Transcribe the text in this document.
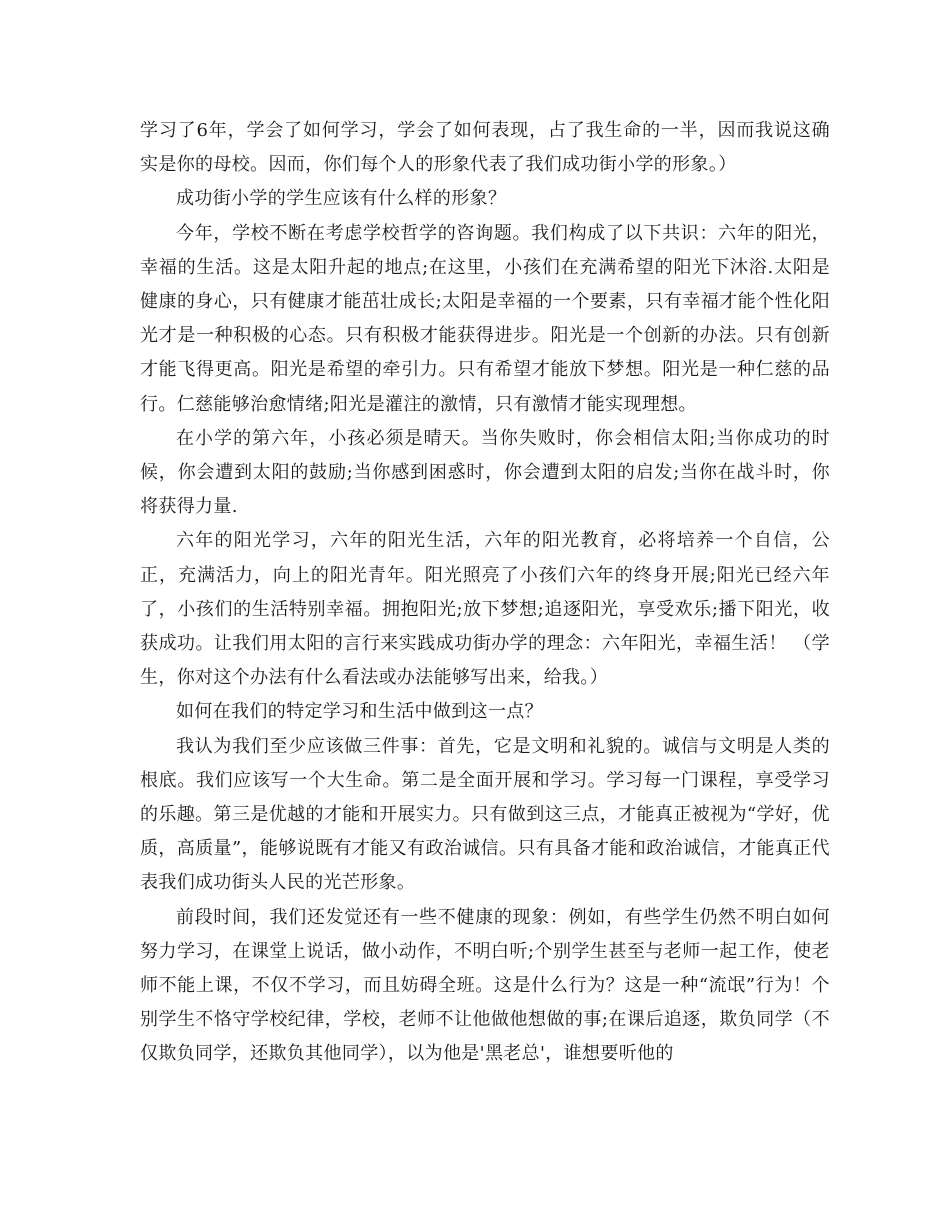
学习了6年，学会了如何学习，学会了如何表现，占了我生命的一半，因而我说这确实是你的母校。因而，你们每个人的形象代表了我们成功街小学的形象。）

成功街小学的学生应该有什么样的形象？

今年，学校不断在考虑学校哲学的咨询题。我们构成了以下共识：六年的阳光，幸福的生活。这是太阳升起的地点;在这里，小孩们在充满希望的阳光下沐浴.太阳是健康的身心，只有健康才能茁壮成长;太阳是幸福的一个要素，只有幸福才能个性化阳光才是一种积极的心态。只有积极才能获得进步。阳光是一个创新的办法。只有创新才能飞得更高。阳光是希望的牵引力。只有希望才能放下梦想。阳光是一种仁慈的品行。仁慈能够治愈情绪;阳光是灌注的激情，只有激情才能实现理想。

在小学的第六年，小孩必须是晴天。当你失败时，你会相信太阳;当你成功的时候，你会遭到太阳的鼓励;当你感到困惑时，你会遭到太阳的启发;当你在战斗时，你将获得力量.

六年的阳光学习，六年的阳光生活，六年的阳光教育，必将培养一个自信，公正，充满活力，向上的阳光青年。阳光照亮了小孩们六年的终身开展;阳光已经六年了，小孩们的生活特别幸福。拥抱阳光;放下梦想;追逐阳光，享受欢乐;播下阳光，收获成功。让我们用太阳的言行来实践成功街办学的理念：六年阳光，幸福生活！ （学生，你对这个办法有什么看法或办法能够写出来，给我。）

如何在我们的特定学习和生活中做到这一点？

我认为我们至少应该做三件事：首先，它是文明和礼貌的。诚信与文明是人类的根底。我们应该写一个大生命。第二是全面开展和学习。学习每一门课程，享受学习的乐趣。第三是优越的才能和开展实力。只有做到这三点，才能真正被视为“学好，优质，高质量”，能够说既有才能又有政治诚信。只有具备才能和政治诚信，才能真正代表我们成功街头人民的光芒形象。

前段时间，我们还发觉还有一些不健康的现象：例如，有些学生仍然不明白如何努力学习，在课堂上说话，做小动作，不明白听;个别学生甚至与老师一起工作，使老师不能上课，不仅不学习，而且妨碍全班。这是什么行为？这是一种“流氓”行为！个别学生不恪守学校纪律，学校，老师不让他做他想做的事;在课后追逐，欺负同学（不仅欺负同学，还欺负其他同学），以为他是'黑老总'，谁想要听他的
